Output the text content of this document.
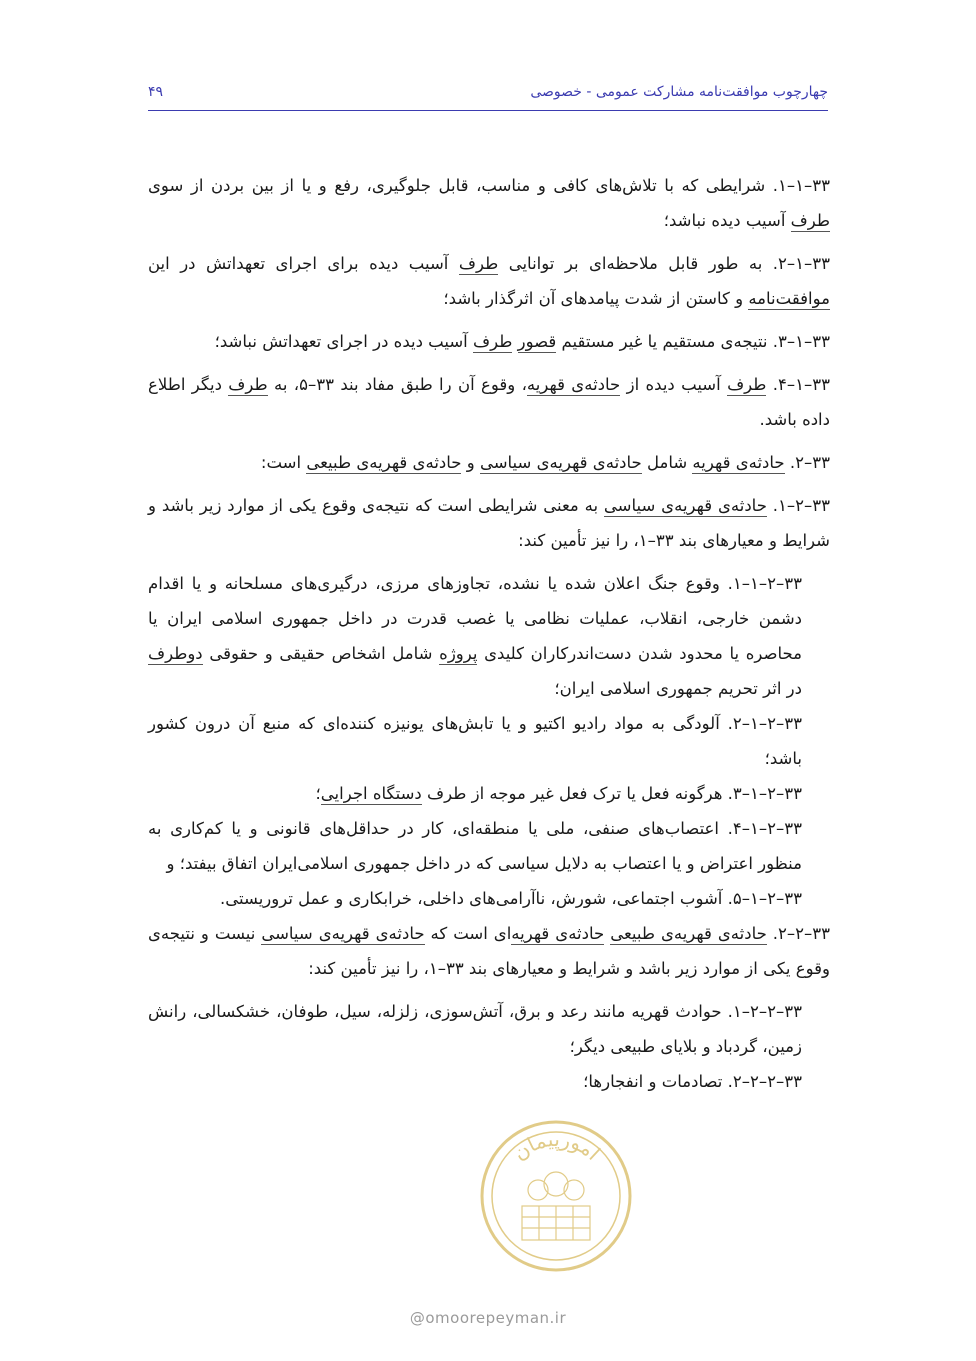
چهارچوب موافقت‌نامه مشارکت عمومی - خصوصی
۴۹

۳۳–۱–۱. شرایطی که با تلاش‌های کافی و مناسب، قابل جلوگیری، رفع و یا از بین بردن از سوی طرف آسیب دیده نباشد؛

۳۳–۱–۲. به طور قابل ملاحظه‌ای بر توانایی طرف آسیب دیده برای اجرای تعهداتش در این موافقت‌نامه و کاستن از شدت پیامدهای آن اثرگذار باشد؛

۳۳–۱–۳. نتیجه‌ی مستقیم یا غیر مستقیم قصور طرف آسیب دیده در اجرای تعهداتش نباشد؛

۳۳–۱–۴. طرف آسیب دیده از حادثه‌ی قهریه، وقوع آن را طبق مفاد بند ۳۳–۵، به طرف دیگر اطلاع داده باشد.

۳۳–۲. حادثه‌ی قهریه شامل حادثه‌ی قهریه‌ی سیاسی و حادثه‌ی قهریه‌ی طبیعی است:

۳۳–۲–۱. حادثه‌ی قهریه‌ی سیاسی به معنی شرایطی است که نتیجه‌ی وقوع یکی از موارد زیر باشد و شرایط و معیارهای بند ۳۳–۱، را نیز تأمین کند:

۳۳–۲–۱–۱. وقوع جنگ اعلان شده یا نشده، تجاوزهای مرزی، درگیری‌های مسلحانه و یا اقدام دشمن خارجی، انقلاب، عملیات نظامی یا غصب قدرت در داخل جمهوری اسلامی ایران یا محاصره یا محدود شدن دست‌اندرکاران کلیدی پروژه شامل اشخاص حقیقی و حقوقی دوطرف در اثر تحریم جمهوری اسلامی ایران؛

۳۳–۲–۱–۲. آلودگی به مواد رادیو اکتیو و یا تابش‌های یونیزه کننده‌ای که منبع آن درون کشور باشد؛

۳۳–۲–۱–۳. هرگونه فعل یا ترک فعل غیر موجه از طرف دستگاه اجرایی؛

۳۳–۲–۱–۴. اعتصاب‌های صنفی، ملی یا منطقه‌ای، کار در حداقل‌های قانونی و یا کم‌کاری به منظور اعتراض و یا اعتصاب به دلایل سیاسی که در داخل جمهوری اسلامی‌ایران اتفاق بیفتد؛ و

۳۳–۲–۱–۵. آشوب اجتماعی، شورش، ناآرامی‌های داخلی، خرابکاری و عمل تروریستی.

۳۳–۲–۲. حادثه‌ی قهریه‌ی طبیعی حادثه‌ی قهریه‌ای است که حادثه‌ی قهریه‌ی سیاسی نیست و نتیجه‌ی وقوع یکی از موارد زیر باشد و شرایط و معیارهای بند ۳۳–۱، را نیز تأمین کند:

۳۳–۲–۲–۱. حوادث قهریه مانند رعد و برق، آتش‌سوزی، زلزله، سیل، طوفان، خشکسالی، رانش زمین، گردباد و بلایای طبیعی دیگر؛

۳۳–۲–۲–۲. تصادمات و انفجارها؛

امورپیمان
@omoorepeyman.ir
